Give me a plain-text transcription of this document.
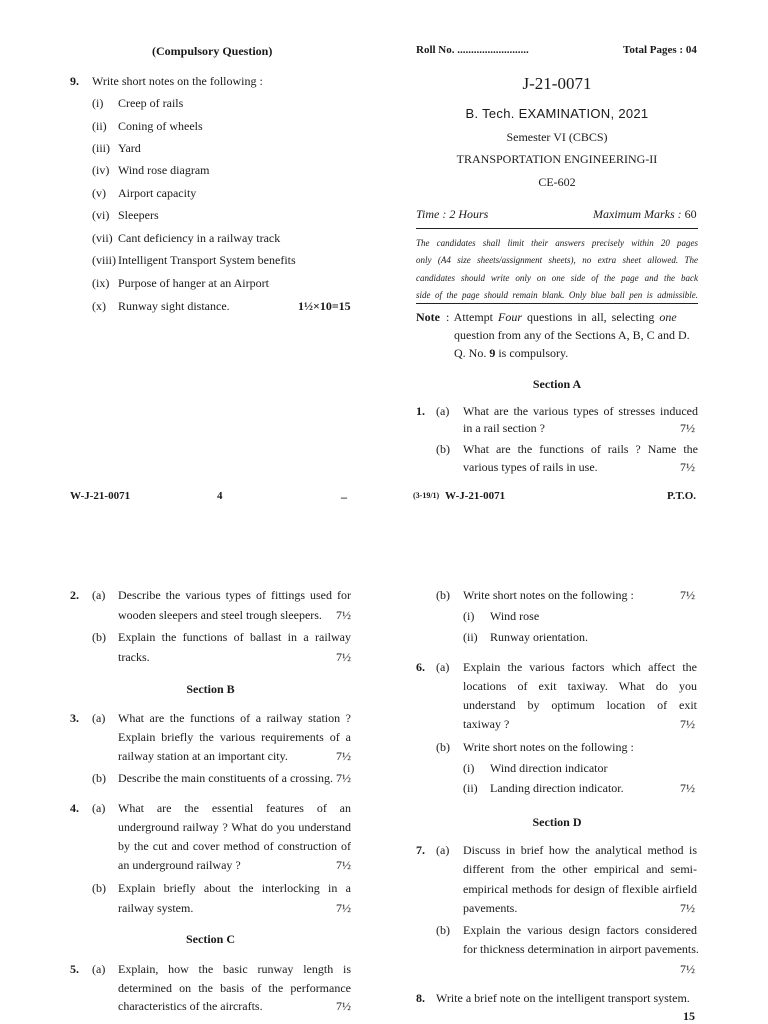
(Compulsory Question)
9. Write short notes on the following :
(i) Creep of rails
(ii) Coning of wheels
(iii) Yard
(iv) Wind rose diagram
(v) Airport capacity
(vi) Sleepers
(vii) Cant deficiency in a railway track
(viii) Intelligent Transport System benefits
(ix) Purpose of hanger at an Airport
(x) Runway sight distance.	1½×10=15
W-J-21-0071	4	_
Roll No. ..........................	Total Pages : 04
J-21-0071
B. Tech. EXAMINATION, 2021
Semester VI (CBCS)
TRANSPORTATION ENGINEERING-II
CE-602
Time : 2 Hours	Maximum Marks : 60
The candidates shall limit their answers precisely within 20 pages
only (A4 size sheets/assignment sheets), no extra sheet allowed. The
candidates should write only on one side of the page and the back
side of the page should remain blank. Only blue ball pen is admissible.
Note : Attempt Four questions in all, selecting one
question from any of the Sections A, B, C and D.
Q. No. 9 is compulsory.
Section A
1. (a) What are the various types of stresses induced
in a rail section ?	7½
(b) What are the functions of rails ? Name the
various types of rails in use.	7½
(3-19/1) W-J-21-0071	P.T.O.
2. (a) Describe the various types of fittings used for
wooden sleepers and steel trough sleepers. 7½
(b) Explain the functions of ballast in a railway
tracks.	7½
Section B
3. (a) What are the functions of a railway station ?
Explain briefly the various requirements of a
railway station at an important city.	7½
(b) Describe the main constituents of a crossing. 7½
4. (a) What are the essential features of an
underground railway ? What do you understand
by the cut and cover method of construction of
an underground railway ?	7½
(b) Explain briefly about the interlocking in a
railway system.	7½
Section C
5. (a) Explain, how the basic runway length is
determined on the basis of the performance
characteristics of the aircrafts.	7½
(b) Write short notes on the following :	7½
(i) Wind rose
(ii) Runway orientation.
6. (a) Explain the various factors which affect the
locations of exit taxiway. What do you
understand by optimum location of exit
taxiway ?	7½
(b) Write short notes on the following :
(i) Wind direction indicator
(ii) Landing direction indicator.	7½
Section D
7. (a) Discuss in brief how the analytical method is
different from the other empirical and semi-
empirical methods for design of flexible airfield
pavements.	7½
(b) Explain the various design factors considered
for thickness determination in airport pavements.
7½
8. Write a brief note on the intelligent transport system.
15
